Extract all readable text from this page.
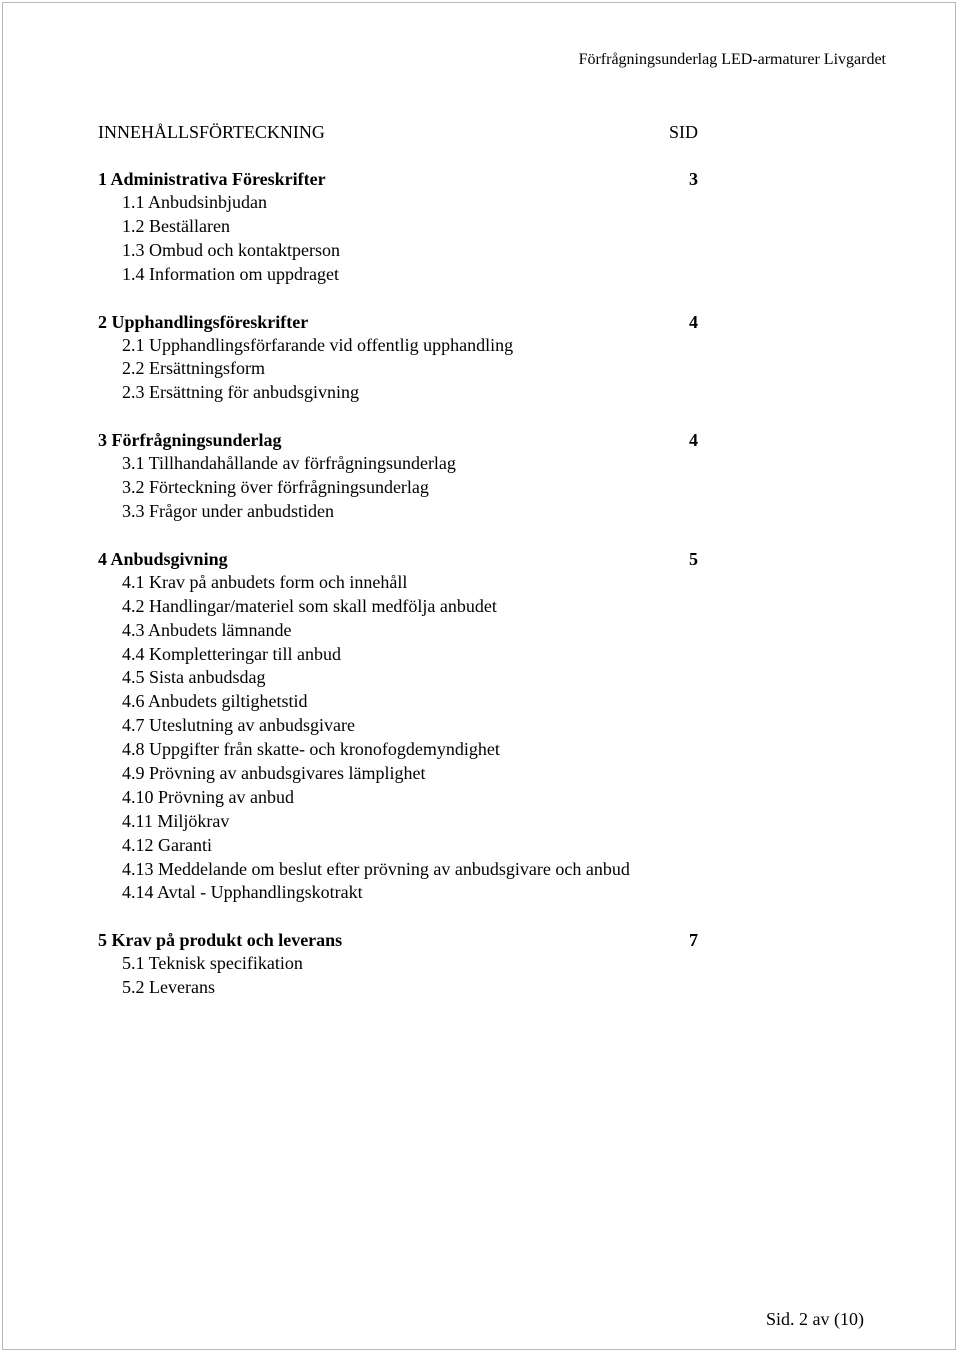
Förfrågningsunderlag LED-armaturer Livgardet
INNEHÅLLSFÖRTECKNING	SID
1 Administrativa Föreskrifter	3
1.1 Anbudsinbjudan
1.2 Beställaren
1.3 Ombud och kontaktperson
1.4 Information om uppdraget
2 Upphandlingsföreskrifter	4
2.1 Upphandlingsförfarande vid offentlig upphandling
2.2 Ersättningsform
2.3 Ersättning för anbudsgivning
3 Förfrågningsunderlag	4
3.1 Tillhandahållande av förfrågningsunderlag
3.2 Förteckning över förfrågningsunderlag
3.3 Frågor under anbudstiden
4 Anbudsgivning	5
4.1 Krav på anbudets form och innehåll
4.2 Handlingar/materiel som skall medfölja anbudet
4.3 Anbudets lämnande
4.4 Kompletteringar till anbud
4.5 Sista anbudsdag
4.6 Anbudets giltighetstid
4.7 Uteslutning av anbudsgivare
4.8 Uppgifter från skatte- och kronofogdemyndighet
4.9 Prövning av anbudsgivares lämplighet
4.10 Prövning av anbud
4.11 Miljökrav
4.12 Garanti
4.13 Meddelande om beslut efter prövning av anbudsgivare och anbud
4.14 Avtal - Upphandlingskotrakt
5 Krav på produkt och leverans	7
5.1 Teknisk specifikation
5.2 Leverans
Sid. 2 av (10)
